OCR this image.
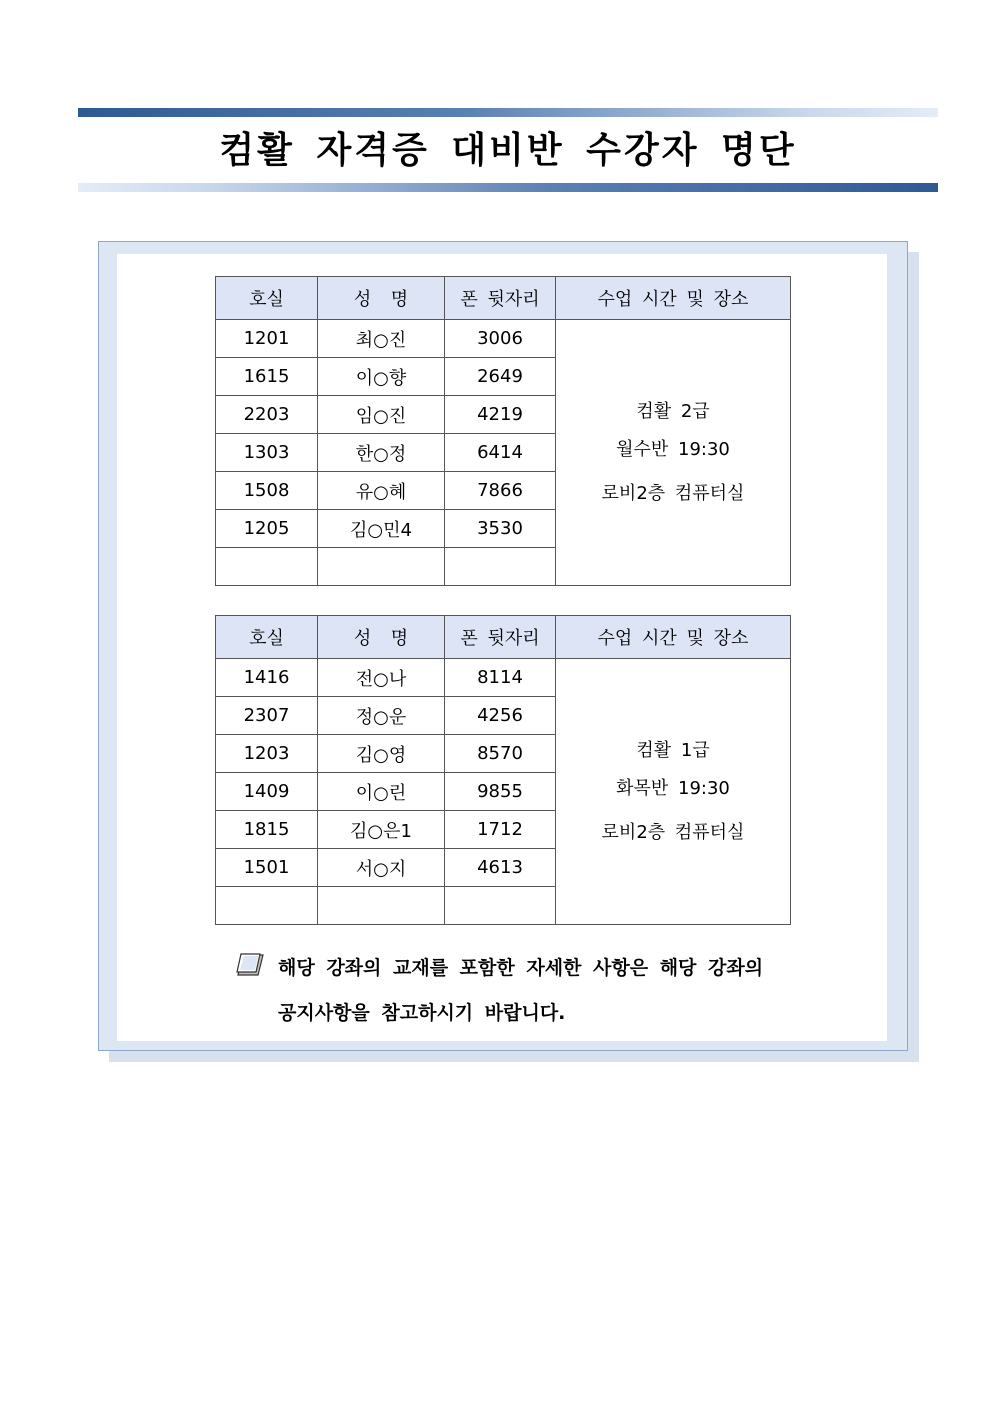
컴활 자격증 대비반 수강자 명단
호실	성  명	폰 뒷자리	수업 시간 및 장소
1201	최○진	3006	컴활 2급
월수반 19:30
로비2층 컴퓨터실

1615	이○향	2649	
2203	임○진	4219	
1303	한○정	6414	
1508	유○혜	7866	
1205	김○민4	3530	

호실	성  명	폰 뒷자리	수업 시간 및 장소
1416	전○나	8114	컴활 1급
화목반 19:30
로비2층 컴퓨터실

2307	정○운	4256	
1203	김○영	8570	
1409	이○린	9855	
1815	김○은1	1712	
1501	서○지	4613	

해당 강좌의 교재를 포함한 자세한 사항은 해당 강좌의
공지사항을 참고하시기 바랍니다.
